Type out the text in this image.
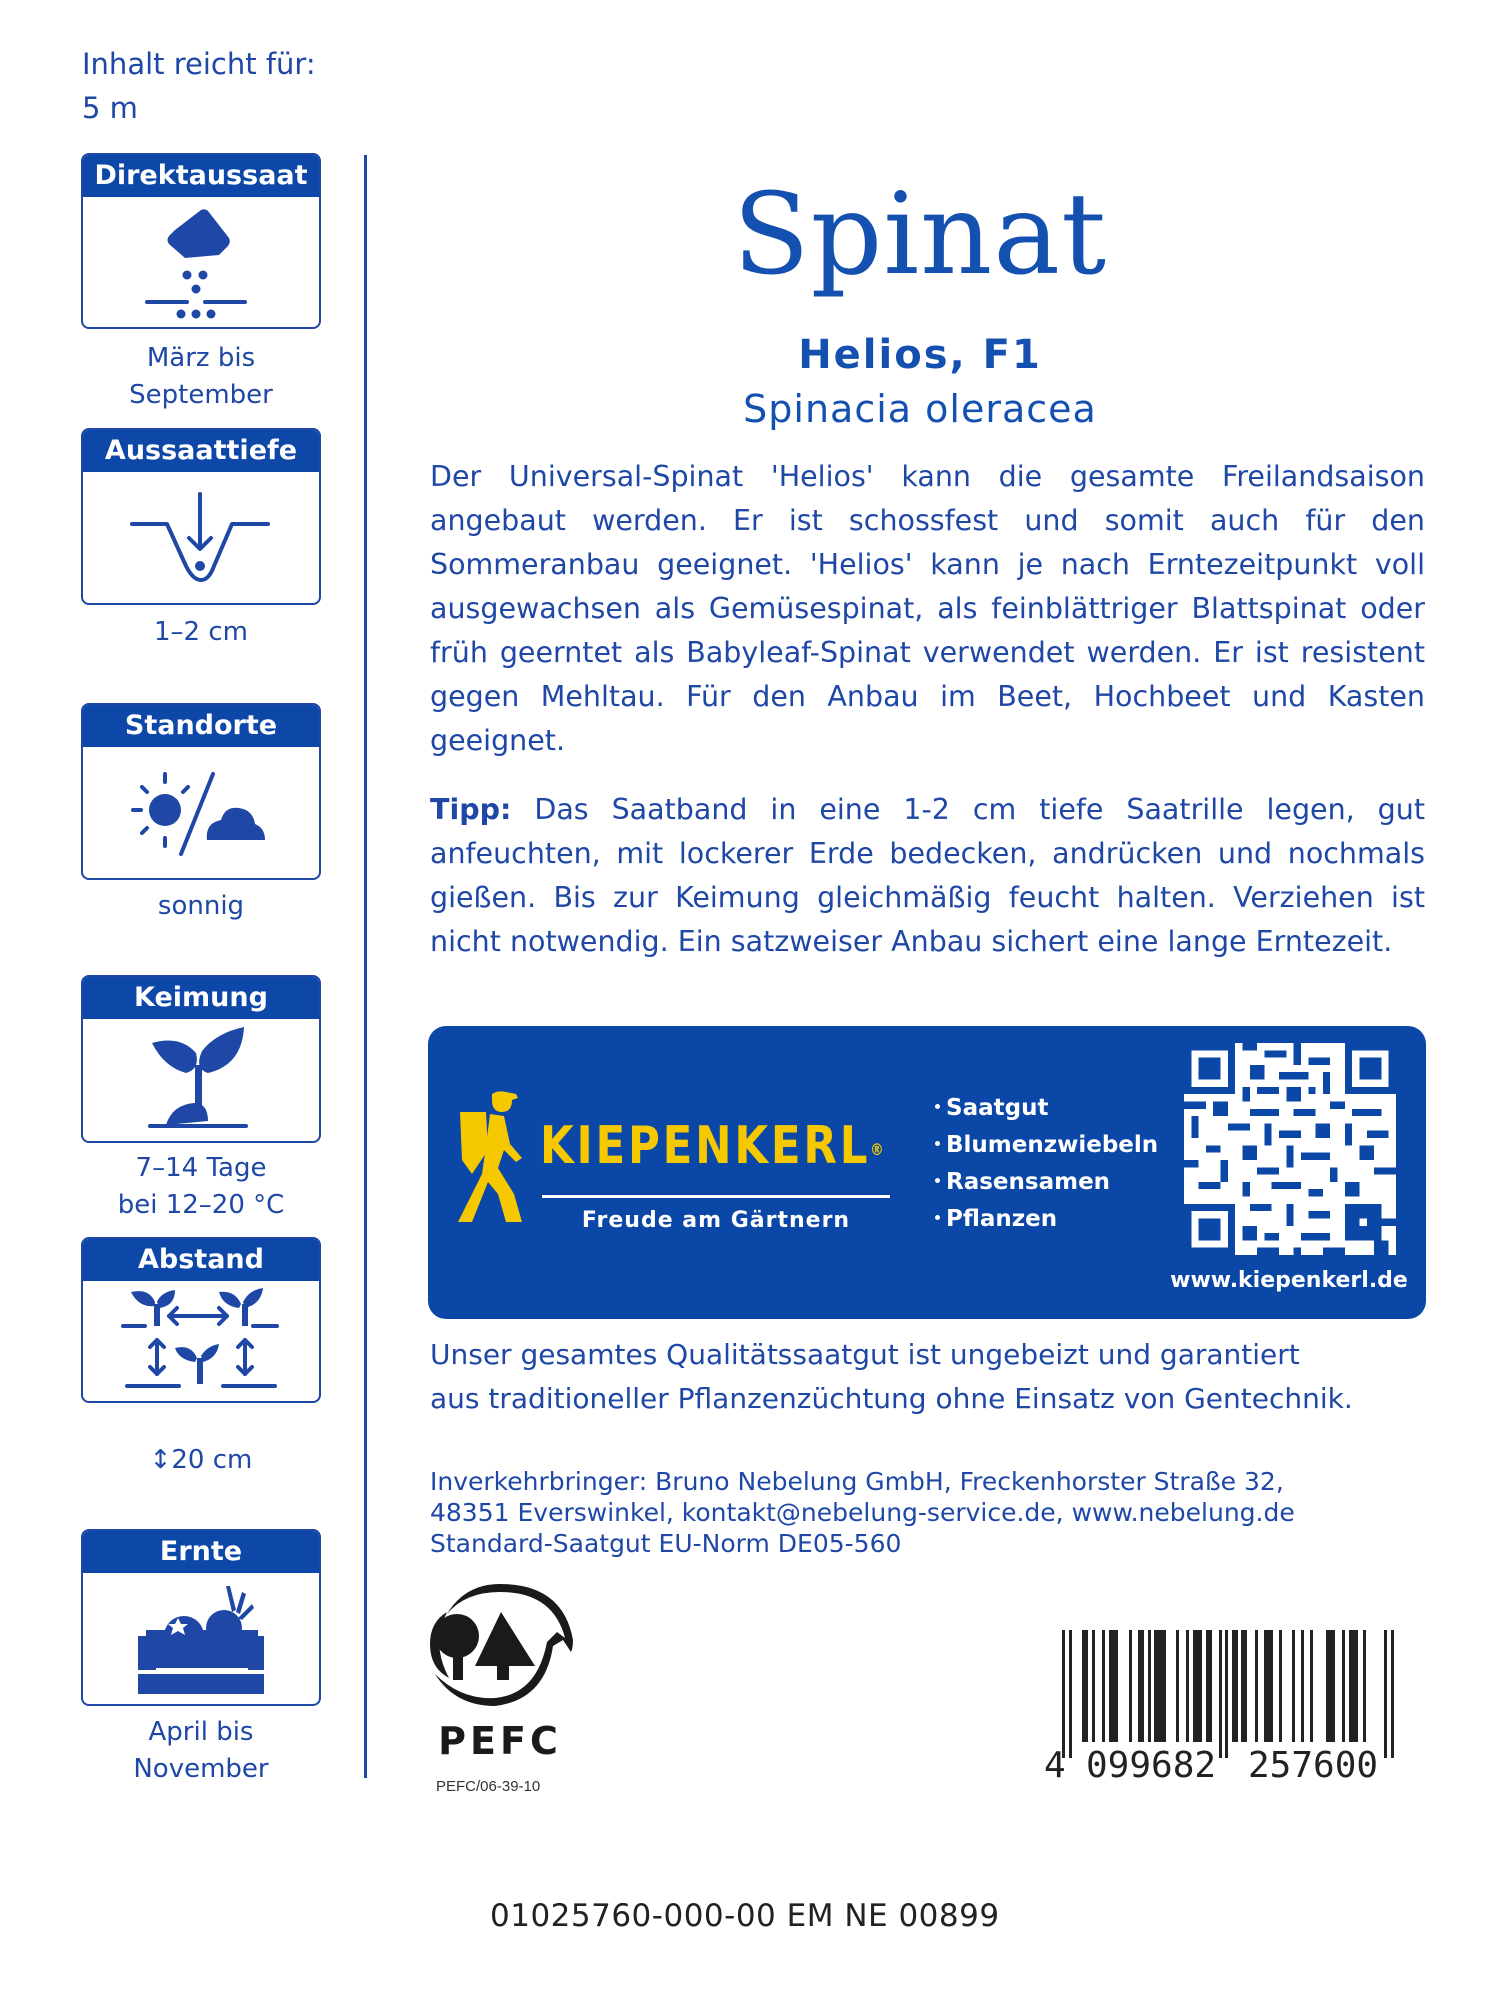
Inhalt reicht für:
5 m
Direktaussaat
März bis
September
Aussaattiefe
1–2 cm
Standorte
sonnig
Keimung
7–14 Tage
bei 12–20 °C
Abstand
↕20 cm
Ernte
April bis
November
Spinat
Helios, F1
Spinacia oleracea
Der Universal-Spinat 'Helios' kann die gesamte Freilandsaison angebaut werden. Er ist schossfest und somit auch für den Sommeranbau geeignet. 'Helios' kann je nach Erntezeitpunkt voll ausgewachsen als Gemüsespinat, als feinblättriger Blattspinat oder früh geerntet als Babyleaf-Spinat verwendet werden. Er ist resistent gegen Mehltau. Für den Anbau im Beet, Hochbeet und Kasten geeignet.
Tipp: Das Saatband in eine 1-2 cm tiefe Saatrille legen, gut anfeuchten, mit lockerer Erde bedecken, andrücken und nochmals gießen. Bis zur Keimung gleichmäßig feucht halten. Verziehen ist nicht notwendig. Ein satzweiser Anbau sichert eine lange Erntezeit.
KIEPENKERL®
Freude am Gärtnern
Saatgut
Blumenzwiebeln
Rasensamen
Pflanzen
www.kiepenkerl.de
Unser gesamtes Qualitätssaatgut ist ungebeizt und garantiert
aus traditioneller Pflanzenzüchtung ohne Einsatz von Gentechnik.
Inverkehrbringer: Bruno Nebelung GmbH, Freckenhorster Straße 32,
48351 Everswinkel, kontakt@nebelung-service.de, www.nebelung.de
Standard-Saatgut EU-Norm DE05-560
PEFC
PEFC/06-39-10
4 099682 257600
01025760-000-00 EM NE 00899
